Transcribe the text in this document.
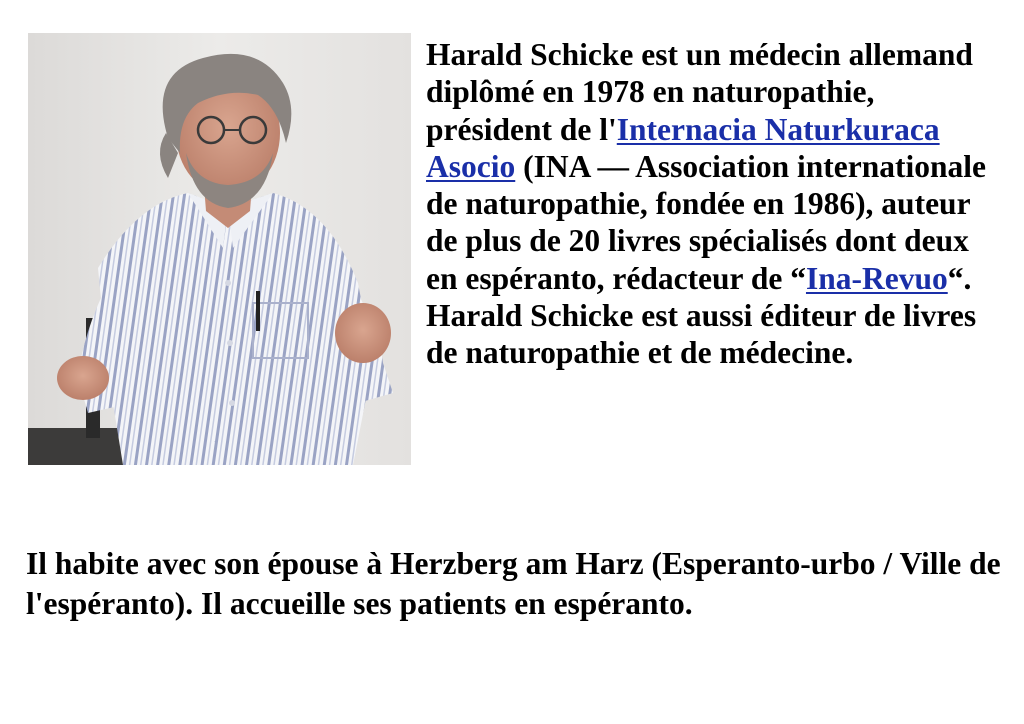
Harald Schicke est un médecin allemand diplômé en 1978 en naturopathie, président de l'Internacia Naturkuraca Asocio (INA — Association internationale de naturopathie, fondée en 1986), auteur de plus de 20 livres spécialisés dont deux en espéranto, rédacteur de “Ina-Revuo“. Harald Schicke est aussi éditeur de livres de naturopathie et de médecine.

Il habite avec son épouse à Herzberg am Harz (Esperanto-urbo / Ville de l'espéranto). Il accueille ses patients en espéranto.
